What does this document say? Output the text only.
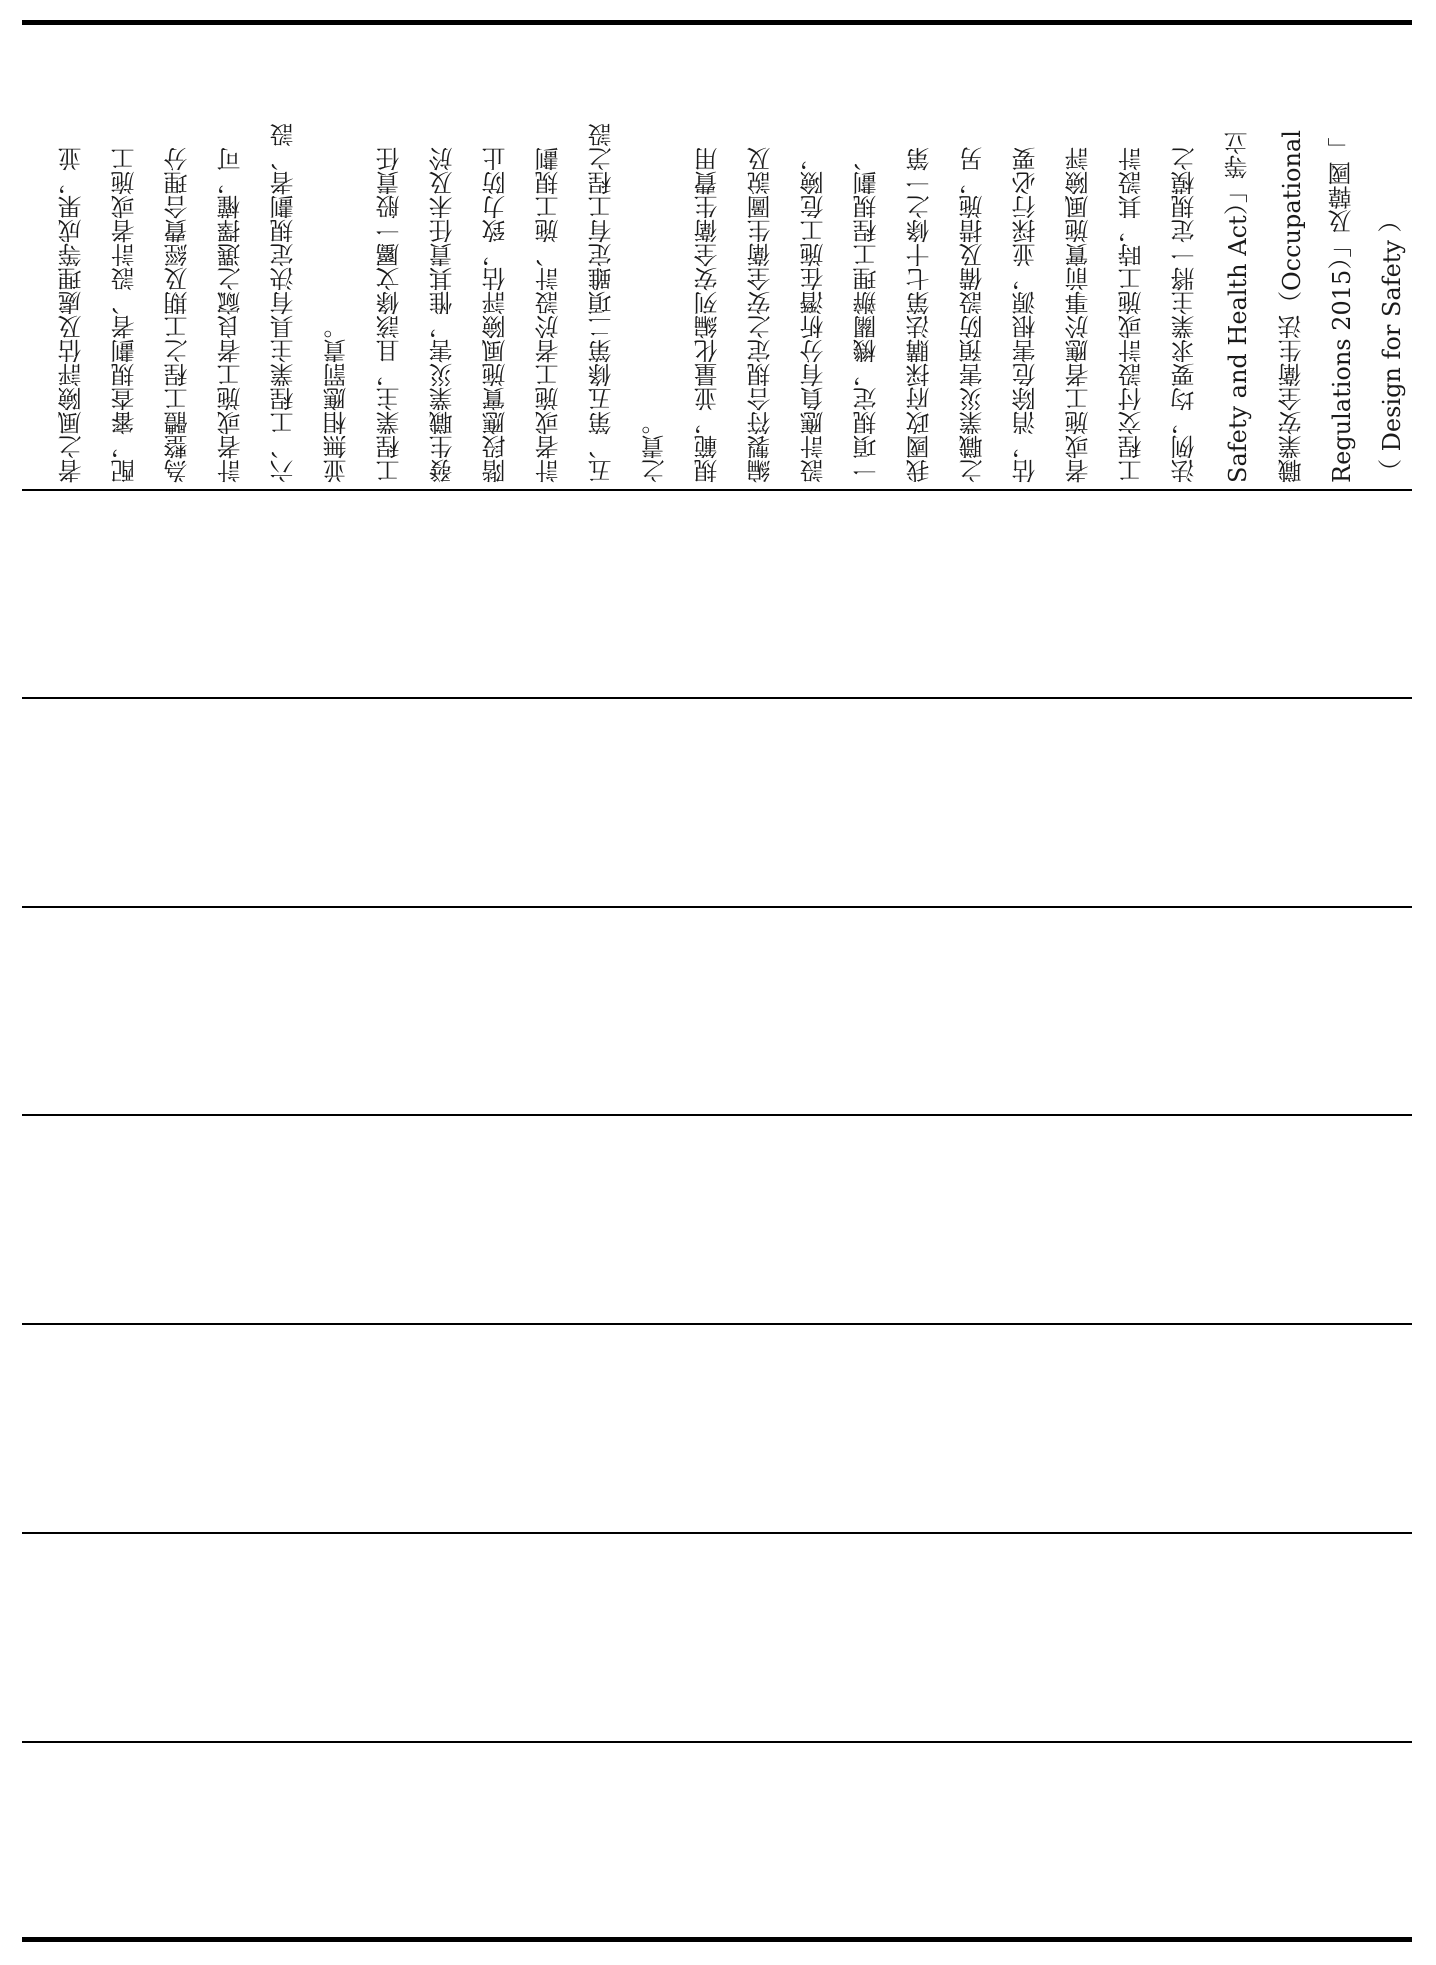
（ Design for Safety ）
Regulations 2015）」及韓國「
職業安全衛生法（Occupational
Safety and Health Act）」等立
法例，均要求業主將一定規模之
工程交付設計或施工時，其設計
者或施工者應於事前實施風險評
估，消除危害根源，並採行必要
之職業災害預防設備及措施，另
我國政府採購法第七十條之一第
一項規定，機關辦理工程規劃、
設計應負有分析潛在施工危險，
編製符合規定之安全衛生圖說及
規範，並量化編列安全衛生費用
之責。
五、第五條第二項雖定有工程之設
計者或施工者於設計、施工規劃
階段應實施風險評估，致力防止
發生職業災害，惟其責任未及於
工程業主，且該條文屬一般責任
並無相應罰責。
六、工程業主具有決定規劃者、設
計者或施工者良窳之選擇權，可
為整體工程之工期及經費合理分
配，審查規劃者、設計者或施工
者之風險評估及處理等成果，並
